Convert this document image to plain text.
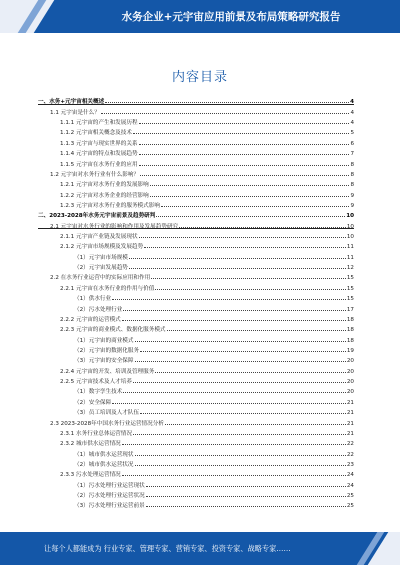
水务企业+元宇宙应用前景及布局策略研究报告
内容目录
一、水务+元宇宙相关概述	4
1.1 元宇宙是什么？	4
1.1.1 元宇宙的产生和发展历程	4
1.1.2 元宇宙相关概念及技术	5
1.1.3 元宇宙与现实世界的关系	6
1.1.4 元宇宙的特点和发展趋势	7
1.1.5 元宇宙在水务行业的应用	8
1.2 元宇宙对水务行业有什么影响？	8
1.2.1 元宇宙对水务行业的发展影响	8
1.2.2 元宇宙对水务企业的经营影响	9
1.2.3 元宇宙对水务行业的服务模式影响	9
二、2023-2028年水务元宇宙前景及趋势研判	10
2.1 元宇宙对水务行业的影响和作用及发展趋势研究	10
2.1.1 元宇宙产业链及发展现状	10
2.1.2 元宇宙市场规模及发展趋势	11
（1）元宇宙市场规模	11
（2）元宇宙发展趋势	12
2.2 在水务行业运营中的实际应用和作用	15
2.2.1 元宇宙在水务行业的作用与价值	15
（1）供水行业	15
（2）污水处理行业	17
2.2.2 元宇宙的运营模式	18
2.2.3 元宇宙的商业模式、数据化服务模式	18
（1）元宇宙的商业模式	18
（2）元宇宙的数据化服务	19
（3）元宇宙的安全保障	20
2.2.4 元宇宙的开发、培训及管理服务	20
2.2.5 元宇宙技术及人才培养	20
（1）数字孪生技术	20
（2）安全保障	21
（3）员工培训及人才队伍	21
2.3 2023-2028年中国水务行业运营情况分析	21
2.3.1 水务行业总体运营情况	21
2.3.2 城市供水运营情况	22
（1）城市供水运营现状	22
（2）城市供水运营状况	23
2.3.3 污水处理运营情况	24
（1）污水处理行业运营现状	24
（2）污水处理行业运营状况	25
（3）污水处理行业运营前景	25
让每个人都能成为 行业专家、管理专家、营销专家、投资专家、战略专家……
